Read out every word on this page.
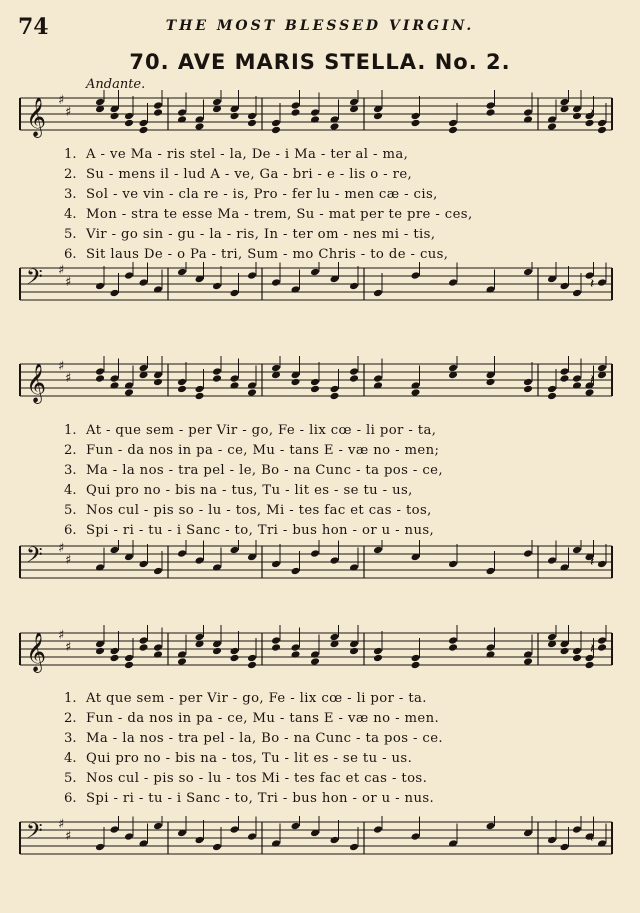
74	THE MOST BLESSED VIRGIN.
70. AVE MARIS STELLA. No. 2.
Andante.
𝄞 ♯
♯	𝄽
1. A - ve Ma - ris stel - la, De - i Ma - ter al - ma,
2. Su - mens il - lud A - ve, Ga - bri - e - lis o - re,
3. Sol - ve vin - cla re - is, Pro - fer lu - men cæ - cis,
4. Mon - stra te esse Ma - trem, Su - mat per te pre - ces,
5. Vir - go sin - gu - la - ris, In - ter om - nes mi - tis,
6. Sit laus De - o Pa - tri, Sum - mo Chris - to de - cus,
𝄢 ♯
♯	𝄽
𝄞 ♯
♯	𝄽
1. At - que sem - per Vir - go, Fe - lix cœ - li por - ta,
2. Fun - da nos in pa - ce, Mu - tans E - væ no - men;
3. Ma - la nos - tra pel - le, Bo - na Cunc - ta pos - ce,
4. Qui pro no - bis na - tus, Tu - lit es - se tu - us,
5. Nos cul - pis so - lu - tos, Mi - tes fac et cas - tos,
6. Spi - ri - tu - i Sanc - to, Tri - bus hon - or u - nus,
𝄢 ♯
♯	𝄽
𝄞 ♯
♯	𝄽
1. At que sem - per Vir - go, Fe - lix cœ - li por - ta.
2. Fun - da nos in pa - ce, Mu - tans E - væ no - men.
3. Ma - la nos - tra pel - la, Bo - na Cunc - ta pos - ce.
4. Qui pro no - bis na - tos, Tu - lit es - se tu - us.
5. Nos cul - pis so - lu - tos Mi - tes fac et cas - tos.
6. Spi - ri - tu - i Sanc - to, Tri - bus hon - or u - nus.
𝄢 ♯
♯	𝄽
